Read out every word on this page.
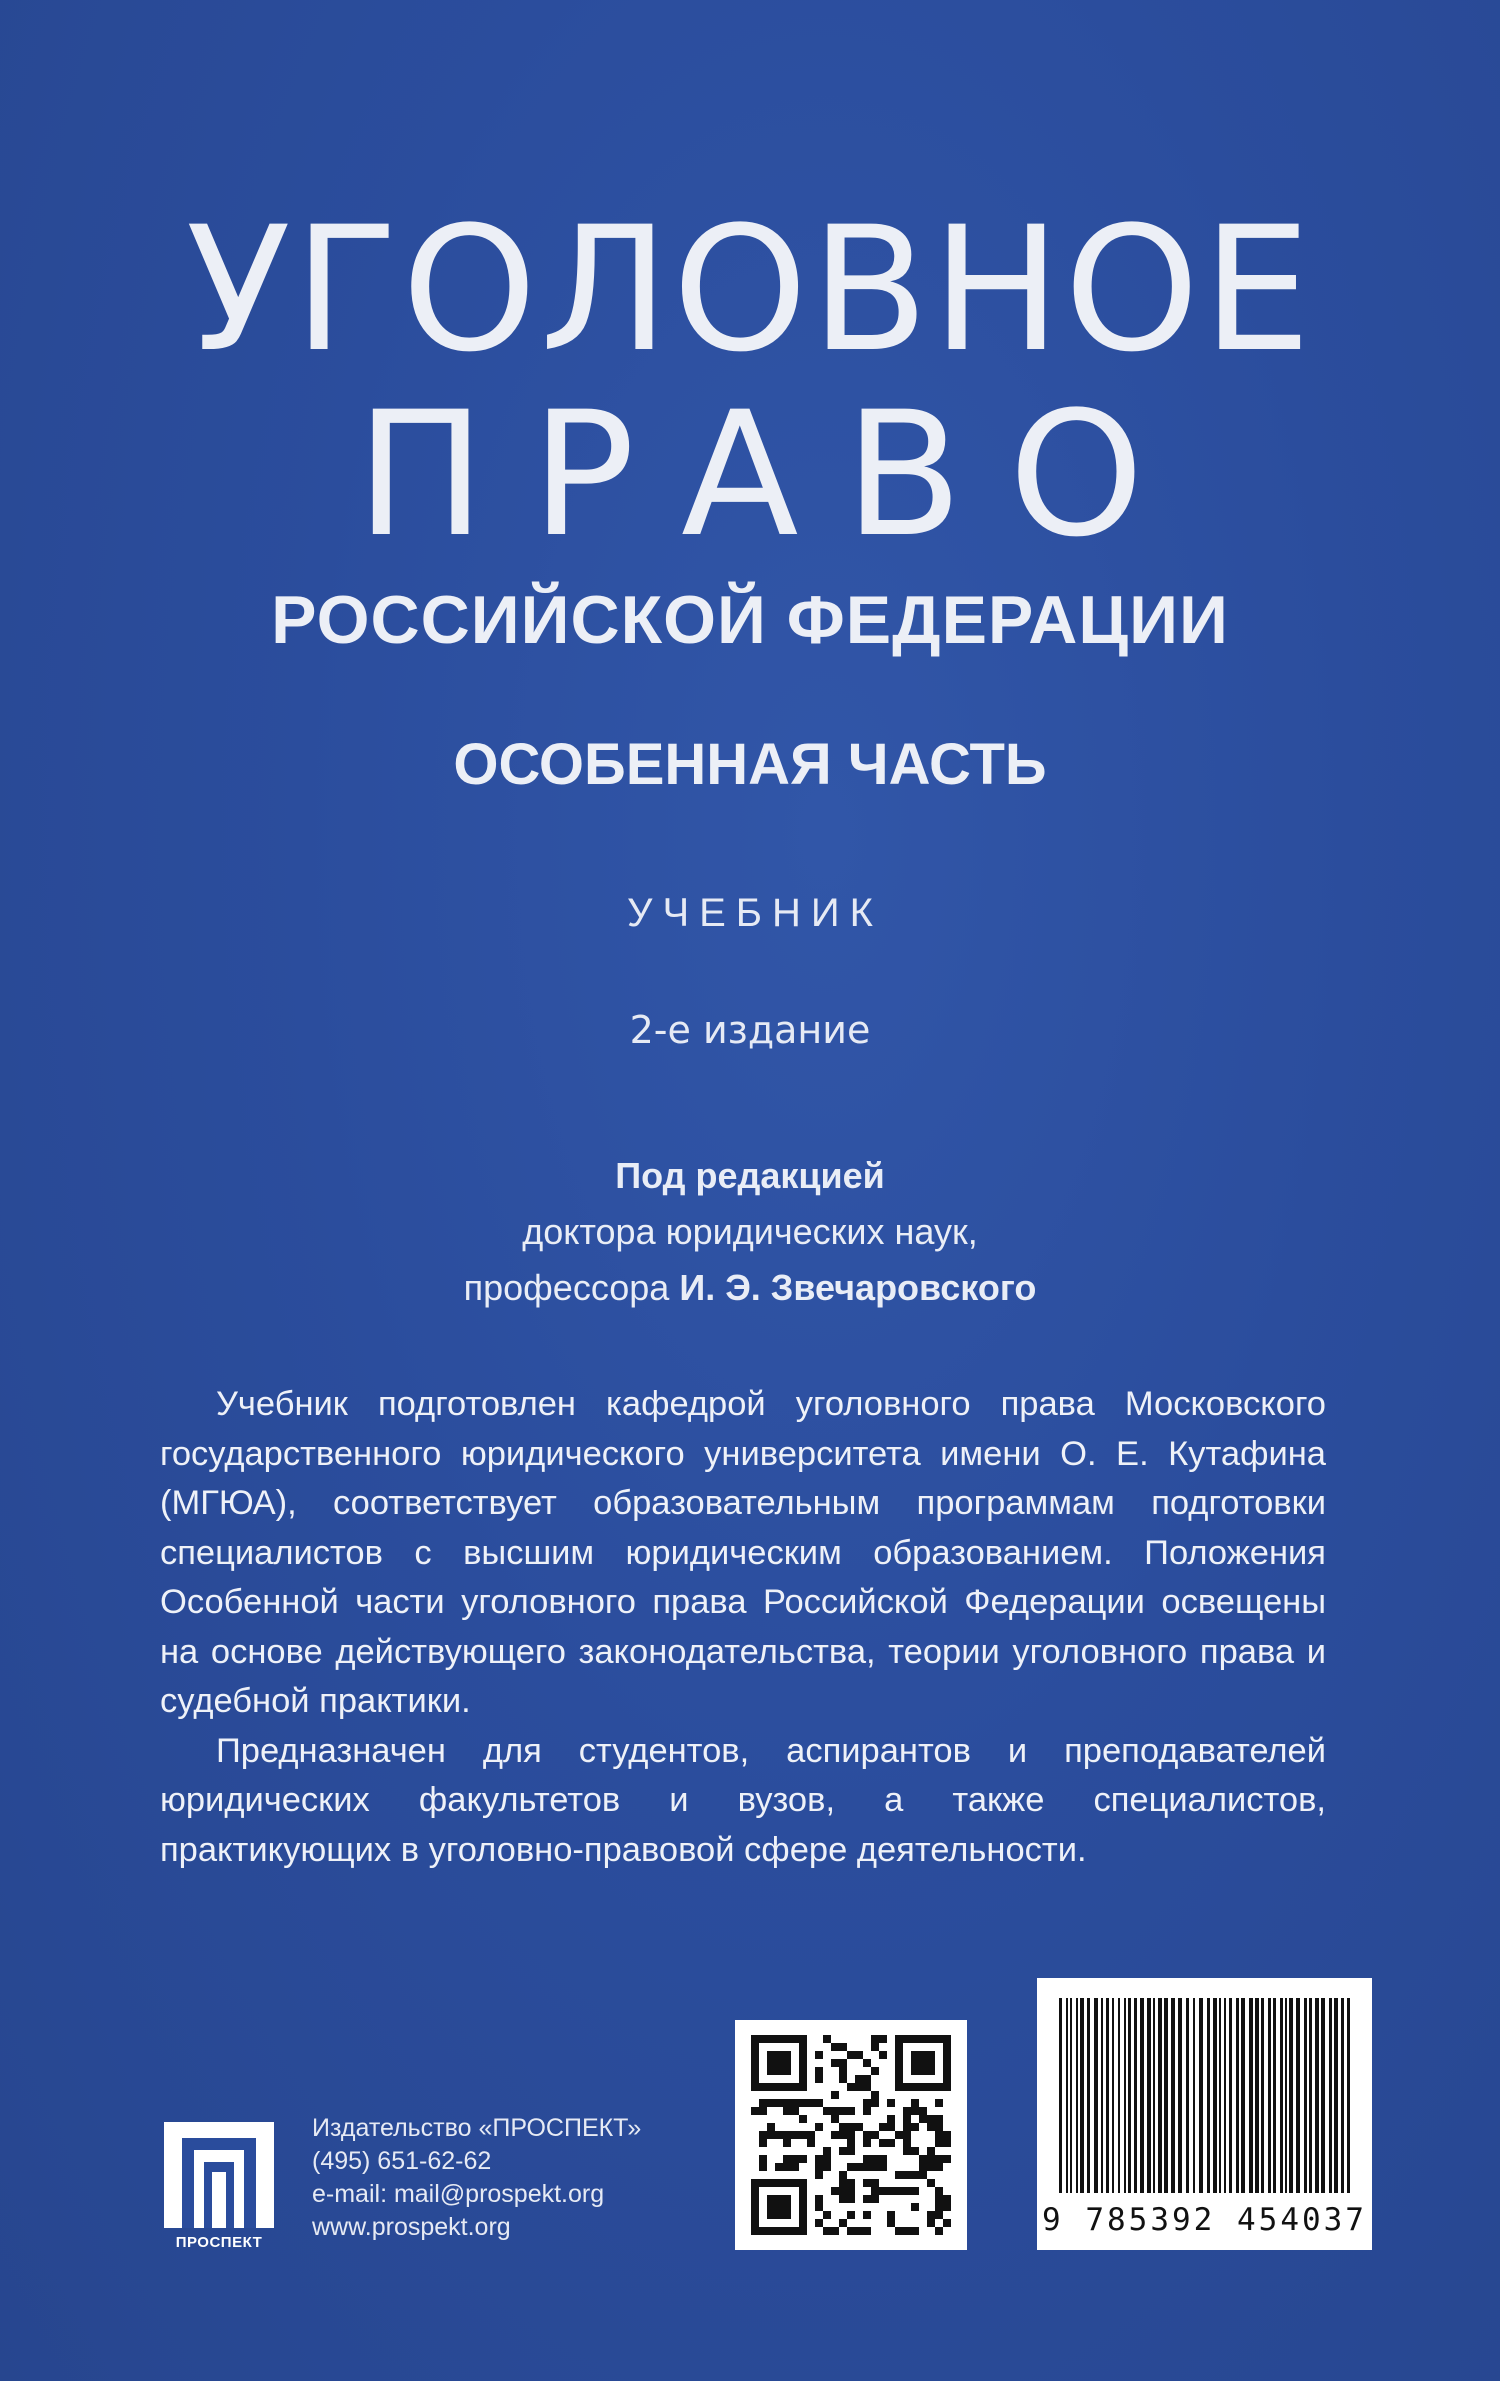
УГОЛОВНОЕ
ПРАВО
РОССИЙСКОЙ ФЕДЕРАЦИИ
ОСОБЕННАЯ ЧАСТЬ
УЧЕБНИК
2-е издание
Под редакцией
доктора юридических наук,
профессора И. Э. Звечаровского

Учебник подготовлен кафедрой уголовного права Московского государственного юридического университета имени О. Е. Кутафина (МГЮА), соответствует образовательным программам подготовки специалистов с высшим юридическим образованием. Положения Особенной части уголовного права Российской Федерации освещены на основе действующего законодательства, теории уголовного права и судебной практики.

Предназначен для студентов, аспирантов и преподавателей юридических факультетов и вузов, а также специалистов, практикующих в уголовно-правовой сфере деятельности.

ПРОСПЕКТ
Издательство «ПРОСПЕКТ»
(495) 651-62-62
e-mail: mail@prospekt.org
www.prospekt.org	9 785392 454037
